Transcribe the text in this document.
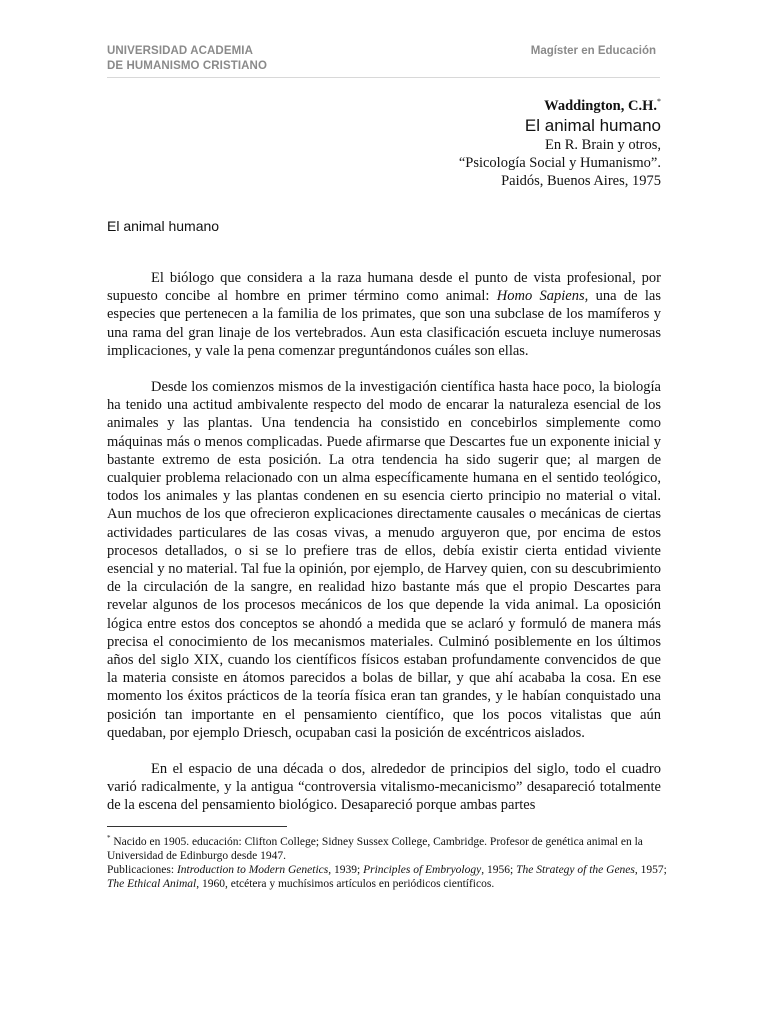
UNIVERSIDAD ACADEMIA
DE HUMANISMO CRISTIANO
Magíster en Educación
Waddington, C.H.*
El animal humano
En R. Brain y otros,
“Psicología Social y Humanismo”.
Paidós, Buenos Aires, 1975
El animal humano

El biólogo que considera a la raza humana desde el punto de vista profesional, por supuesto concibe al hombre en primer término como animal: Homo Sapiens, una de las especies que pertenecen a la familia de los primates, que son una subclase de los mamíferos y una rama del gran linaje de los vertebrados. Aun esta clasificación escueta incluye numerosas implicaciones, y vale la pena comenzar preguntándonos cuáles son ellas.

Desde los comienzos mismos de la investigación científica hasta hace poco, la biología ha tenido una actitud ambivalente respecto del modo de encarar la naturaleza esencial de los animales y las plantas. Una tendencia ha consistido en concebirlos simplemente como máquinas más o menos complicadas. Puede afirmarse que Descartes fue un exponente inicial y bastante extremo de esta posición. La otra tendencia ha sido sugerir que; al margen de cualquier problema relacionado con un alma específicamente humana en el sentido teológico, todos los animales y las plantas condenen en su esencia cierto principio no material o vital. Aun muchos de los que ofrecieron explicaciones directamente causales o mecánicas de ciertas actividades particulares de las cosas vivas, a menudo arguyeron que, por encima de estos procesos detallados, o si se lo prefiere tras de ellos, debía existir cierta entidad viviente esencial y no material. Tal fue la opinión, por ejemplo, de Harvey quien, con su descubrimiento de la circulación de la sangre, en realidad hizo bastante más que el propio Descartes para revelar algunos de los procesos mecánicos de los que depende la vida animal. La oposición lógica entre estos dos conceptos se ahondó a medida que se aclaró y formuló de manera más precisa el conocimiento de los mecanismos materiales. Culminó posiblemente en los últimos años del siglo XIX, cuando los científicos físicos estaban profundamente convencidos de que la materia consiste en átomos parecidos a bolas de billar, y que ahí acababa la cosa. En ese momento los éxitos prácticos de la teoría física eran tan grandes, y le habían conquistado una posición tan importante en el pensamiento científico, que los pocos vitalistas que aún quedaban, por ejemplo Driesch, ocupaban casi la posición de excéntricos aislados.

En el espacio de una década o dos, alrededor de principios del siglo, todo el cuadro varió radicalmente, y la antigua “controversia vitalismo-mecanicismo” desapareció totalmente de la escena del pensamiento biológico. Desapareció porque ambas partes

* Nacido en 1905. educación: Clifton College; Sidney Sussex College, Cambridge. Profesor de genética animal en la Universidad de Edinburgo desde 1947.

Publicaciones: Introduction to Modern Genetics, 1939; Principles of Embryology, 1956; The Strategy of the Genes, 1957; The Ethical Animal, 1960, etcétera y muchísimos artículos en periódicos científicos.
